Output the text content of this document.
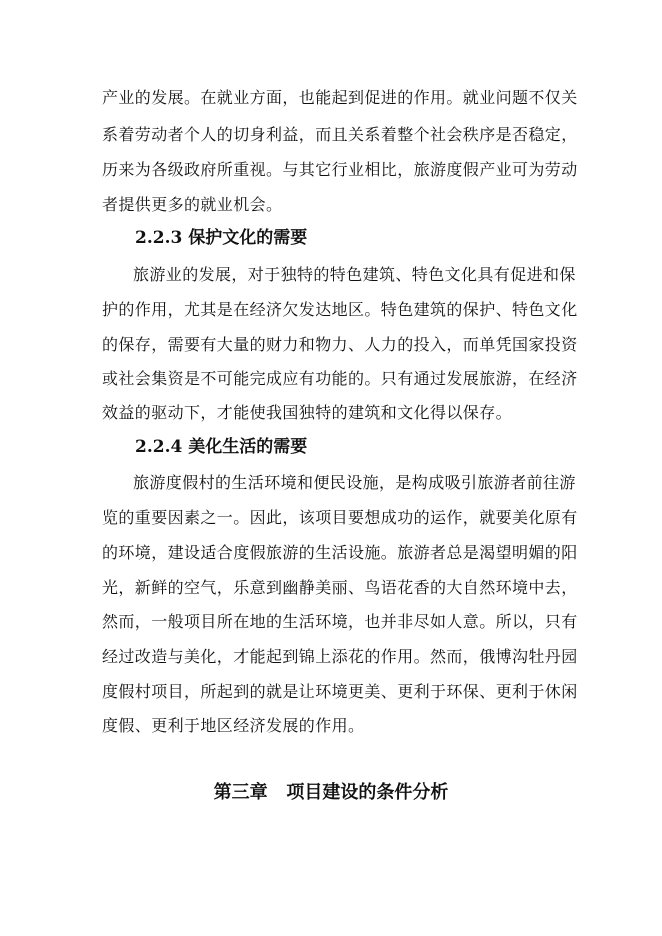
产业的发展。在就业方面，也能起到促进的作用。就业问题不仅关
系着劳动者个人的切身利益，而且关系着整个社会秩序是否稳定，
历来为各级政府所重视。与其它行业相比，旅游度假产业可为劳动
者提供更多的就业机会。
2.2.3 保护文化的需要
旅游业的发展，对于独特的特色建筑、特色文化具有促进和保
护的作用，尤其是在经济欠发达地区。特色建筑的保护、特色文化
的保存，需要有大量的财力和物力、人力的投入，而单凭国家投资
或社会集资是不可能完成应有功能的。只有通过发展旅游，在经济
效益的驱动下，才能使我国独特的建筑和文化得以保存。
2.2.4 美化生活的需要
旅游度假村的生活环境和便民设施，是构成吸引旅游者前往游
览的重要因素之一。因此，该项目要想成功的运作，就要美化原有
的环境，建设适合度假旅游的生活设施。旅游者总是渴望明媚的阳
光，新鲜的空气，乐意到幽静美丽、鸟语花香的大自然环境中去，
然而，一般项目所在地的生活环境，也并非尽如人意。所以，只有
经过改造与美化，才能起到锦上添花的作用。然而，俄博沟牡丹园
度假村项目，所起到的就是让环境更美、更利于环保、更利于休闲
度假、更利于地区经济发展的作用。
第三章   项目建设的条件分析
